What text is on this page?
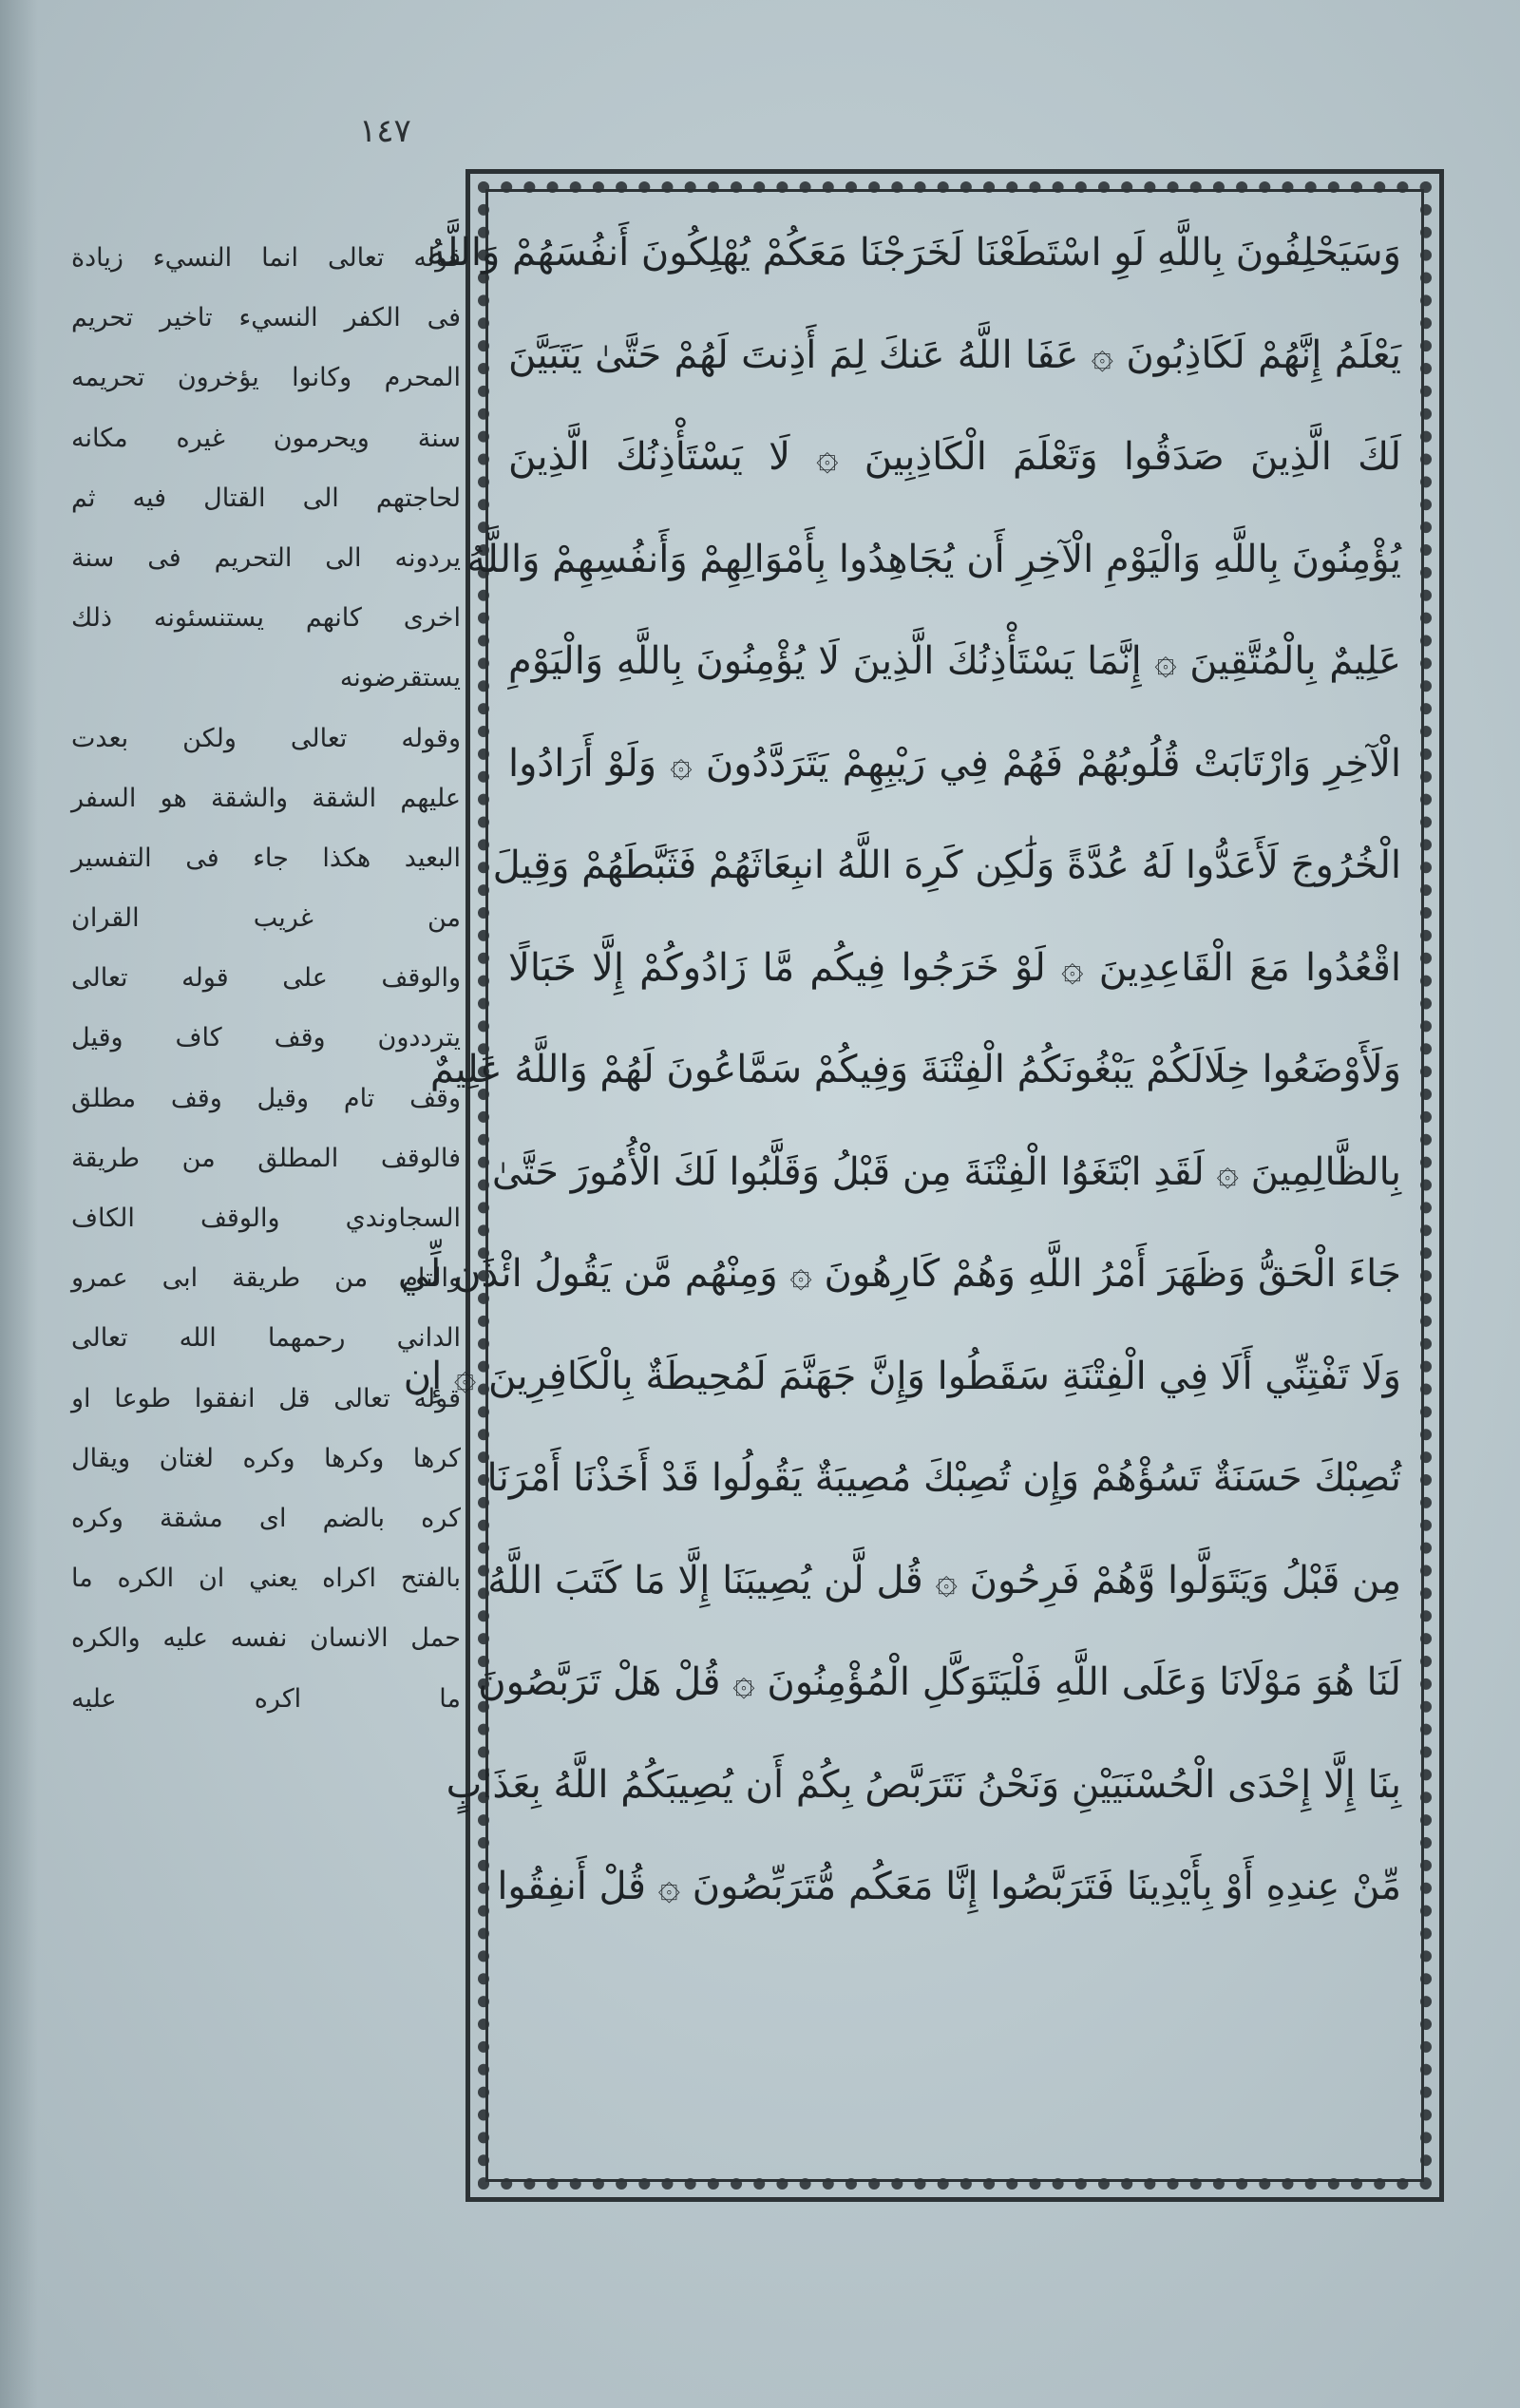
١٤٧
قوله تعالى انما النسيء زيادة
فى الكفر النسيء تاخير تحريم
المحرم وكانوا يؤخرون تحريمه
سنة ويحرمون غيره مكانه
لحاجتهم الى القتال فيه ثم
يردونه الى التحريم فى سنة
اخرى كانهم يستنسئونه ذلك
يستقرضونه
وقوله تعالى ولكن بعدت
عليهم الشقة والشقة هو السفر
البعيد هكذا جاء فى التفسير
من غريب القران
والوقف على قوله تعالى
يترددون وقف كاف وقيل
وقف تام وقيل وقف مطلق
فالوقف المطلق من طريقة
السجاوندي والوقف الكاف
والتام من طريقة ابى عمرو
الداني رحمهما الله تعالى
قوله تعالى قل انفقوا طوعا او
كرها وكرها وكره لغتان ويقال
كره بالضم اى مشقة وكره
بالفتح اكراه يعني ان الكره ما
حمل الانسان نفسه عليه والكره
ما اكره عليه
وَسَيَحْلِفُونَ بِاللَّهِ لَوِ اسْتَطَعْنَا لَخَرَجْنَا مَعَكُمْ يُهْلِكُونَ أَنفُسَهُمْ وَاللَّهُ
يَعْلَمُ إِنَّهُمْ لَكَاذِبُونَ ۞ عَفَا اللَّهُ عَنكَ لِمَ أَذِنتَ لَهُمْ حَتَّىٰ يَتَبَيَّنَ
لَكَ الَّذِينَ صَدَقُوا وَتَعْلَمَ الْكَاذِبِينَ ۞ لَا يَسْتَأْذِنُكَ الَّذِينَ
يُؤْمِنُونَ بِاللَّهِ وَالْيَوْمِ الْآخِرِ أَن يُجَاهِدُوا بِأَمْوَالِهِمْ وَأَنفُسِهِمْ وَاللَّهُ
عَلِيمٌ بِالْمُتَّقِينَ ۞ إِنَّمَا يَسْتَأْذِنُكَ الَّذِينَ لَا يُؤْمِنُونَ بِاللَّهِ وَالْيَوْمِ
الْآخِرِ وَارْتَابَتْ قُلُوبُهُمْ فَهُمْ فِي رَيْبِهِمْ يَتَرَدَّدُونَ ۞ وَلَوْ أَرَادُوا
الْخُرُوجَ لَأَعَدُّوا لَهُ عُدَّةً وَلَٰكِن كَرِهَ اللَّهُ انبِعَاثَهُمْ فَثَبَّطَهُمْ وَقِيلَ
اقْعُدُوا مَعَ الْقَاعِدِينَ ۞ لَوْ خَرَجُوا فِيكُم مَّا زَادُوكُمْ إِلَّا خَبَالًا
وَلَأَوْضَعُوا خِلَالَكُمْ يَبْغُونَكُمُ الْفِتْنَةَ وَفِيكُمْ سَمَّاعُونَ لَهُمْ وَاللَّهُ عَلِيمٌ
بِالظَّالِمِينَ ۞ لَقَدِ ابْتَغَوُا الْفِتْنَةَ مِن قَبْلُ وَقَلَّبُوا لَكَ الْأُمُورَ حَتَّىٰ
جَاءَ الْحَقُّ وَظَهَرَ أَمْرُ اللَّهِ وَهُمْ كَارِهُونَ ۞ وَمِنْهُم مَّن يَقُولُ ائْذَن لِّي
وَلَا تَفْتِنِّي أَلَا فِي الْفِتْنَةِ سَقَطُوا وَإِنَّ جَهَنَّمَ لَمُحِيطَةٌ بِالْكَافِرِينَ ۞ إِن
تُصِبْكَ حَسَنَةٌ تَسُؤْهُمْ وَإِن تُصِبْكَ مُصِيبَةٌ يَقُولُوا قَدْ أَخَذْنَا أَمْرَنَا
مِن قَبْلُ وَيَتَوَلَّوا وَّهُمْ فَرِحُونَ ۞ قُل لَّن يُصِيبَنَا إِلَّا مَا كَتَبَ اللَّهُ
لَنَا هُوَ مَوْلَانَا وَعَلَى اللَّهِ فَلْيَتَوَكَّلِ الْمُؤْمِنُونَ ۞ قُلْ هَلْ تَرَبَّصُونَ
بِنَا إِلَّا إِحْدَى الْحُسْنَيَيْنِ وَنَحْنُ نَتَرَبَّصُ بِكُمْ أَن يُصِيبَكُمُ اللَّهُ بِعَذَابٍ
مِّنْ عِندِهِ أَوْ بِأَيْدِينَا فَتَرَبَّصُوا إِنَّا مَعَكُم مُّتَرَبِّصُونَ ۞ قُلْ أَنفِقُوا
